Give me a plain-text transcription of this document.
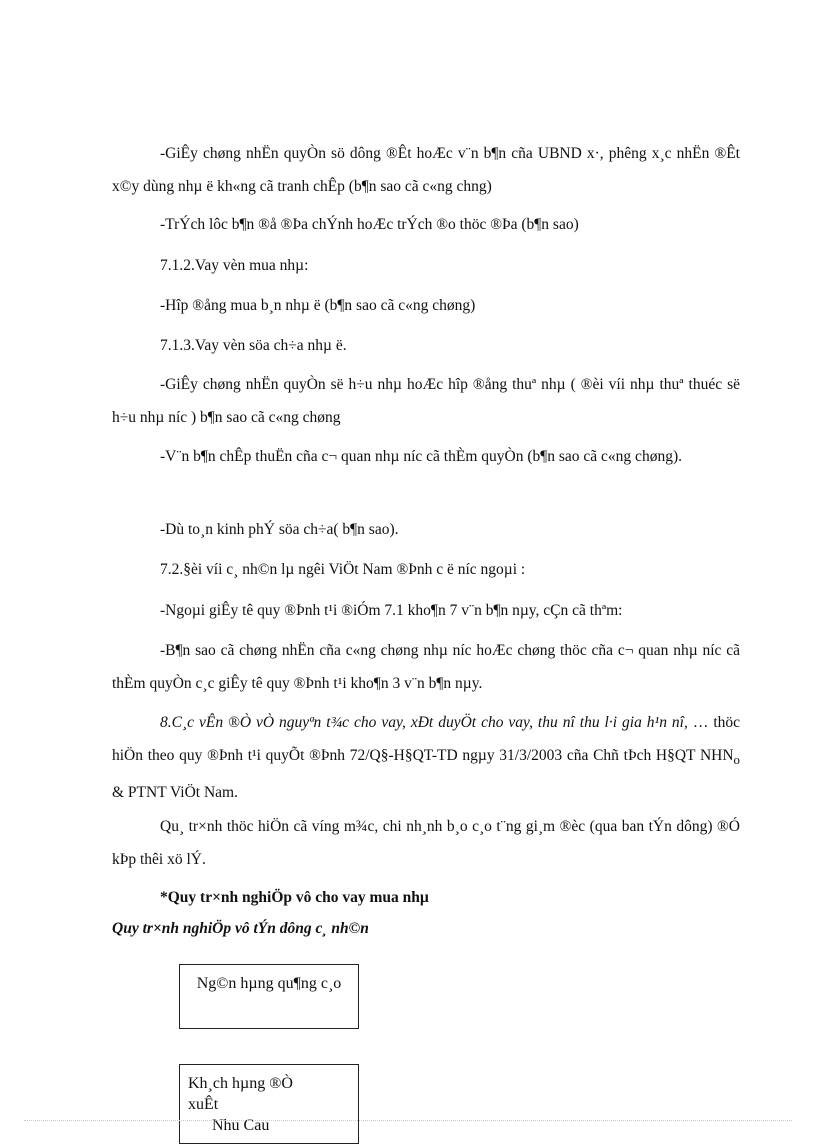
-GiÊy chøng nhËn quyÒn sö dông ®Êt hoÆc v¨n b¶n cña UBND x·, phêng x¸c nhËn ®Êt x©y dùng nhµ ë kh«ng cã tranh chÊp (b¶n sao cã c«ng chng)

-TrÝch lôc b¶n ®å ®Þa chÝnh hoÆc trÝch ®o thöc ®Þa (b¶n sao)

7.1.2.Vay vèn mua nhµ:

-Hîp ®ång mua b¸n nhµ ë (b¶n sao cã c«ng chøng)

7.1.3.Vay vèn söa ch÷a nhµ ë.

-GiÊy chøng nhËn quyÒn së h÷u nhµ hoÆc hîp ®ång thuª nhµ ( ®èi víi nhµ thuª thuéc së h÷u nhµ níc ) b¶n sao cã c«ng chøng

-V¨n b¶n chÊp thuËn cña c¬ quan nhµ níc cã thÈm quyÒn (b¶n sao cã c«ng chøng).

-Dù to¸n kinh phÝ söa ch÷a( b¶n sao).

7.2.§èi víi c¸ nh©n lµ ngêi ViÖt Nam ®Þnh c ë níc ngoµi :

-Ngoµi giÊy tê quy ®Þnh t¹i ®iÓm 7.1 kho¶n 7 v¨n b¶n nµy, cÇn cã thªm:

-B¶n sao cã chøng nhËn cña c«ng chøng nhµ níc hoÆc chøng thöc cña c¬ quan nhµ níc cã thÈm quyÒn c¸c giÊy tê quy ®Þnh t¹i kho¶n 3 v¨n b¶n nµy.

8.C¸c vÊn ®Ò vÒ nguyªn t¾c cho vay, xÐt duyÖt cho vay, thu nî thu l·i gia h¹n nî, … thöc hiÖn theo quy ®Þnh t¹i quyÕt ®Þnh 72/Q§-H§QT-TD ngµy 31/3/2003 cña Chñ tÞch H§QT $NHN_o$ & PTNT ViÖt Nam.

Qu¸ tr×nh thöc hiÖn cã víng m¾c, chi nh¸nh b¸o c¸o t¨ng gi¸m ®èc (qua ban tÝn dông) ®Ó kÞp thêi xö lÝ.

*Quy tr×nh nghiÖp vô cho vay mua nhµ

Quy tr×nh nghiÖp vô tÝn dông c¸ nh©n

Ng©n hµng qu¶ng c¸o
Kh¸ch hµng ®Ò
xuÊt
Nhu Cau
